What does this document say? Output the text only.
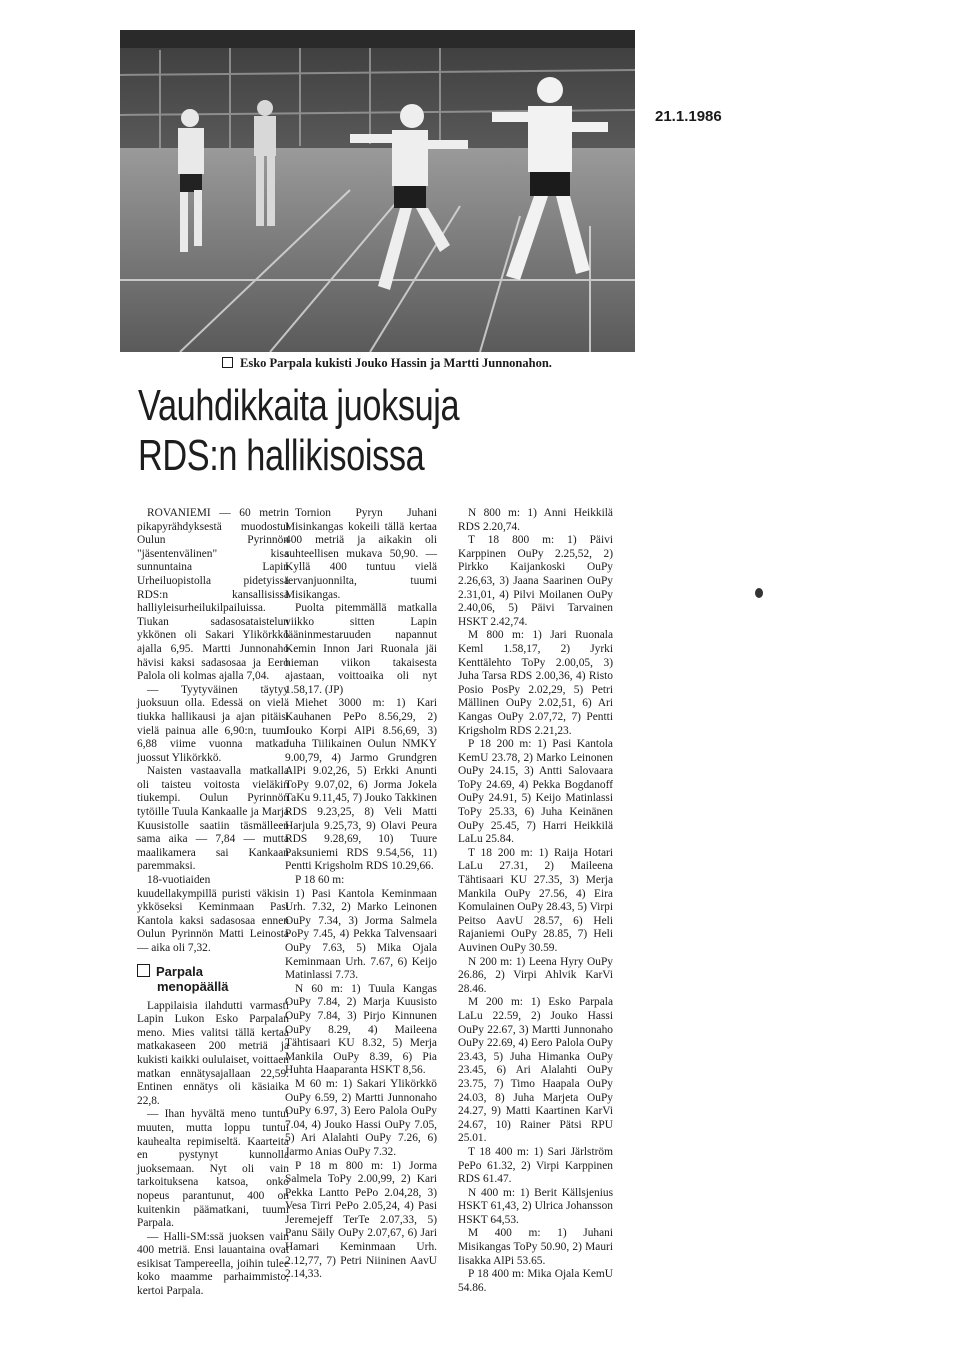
21.1.1986
Esko Parpala kukisti Jouko Hassin ja Martti Junnonahon.
Vauhdikkaita juoksuja
RDS:n hallikisoissa

ROVANIEMI — 60 metrin pikapyrähdyksestä muodostui Oulun Pyrinnön "jäsentenvälinen" kisa sunnuntaina Lapin Urheiluopistolla pidetyissä RDS:n kansallisissa halliyleisurheilukilpailuissa. Tiukan sadasosataistelun ykkönen oli Sakari Ylikörkkö ajalla 6,95. Martti Junnonaho hävisi kaksi sadasosaa ja Eero Palola oli kolmas ajalla 7,04.

— Tyytyväinen täytyy juoksuun olla. Edessä on vielä tiukka hallikausi ja ajan pitäisi vielä painua alle 6,90:n, tuumi 6,88 viime vuonna matkan juossut Ylikörkkö.

Naisten vastaavalla matkalla oli taisteu voitosta vieläkin tiukempi. Oulun Pyrinnön tytöille Tuula Kankaalle ja Marja Kuusistolle saatiin täsmälleen sama aika — 7,84 — mutta maalikamera sai Kankaan paremmaksi.

18-vuotiaiden kuudellakympillä puristi väkisin ykköseksi Keminmaan Pasi Kantola kaksi sadasosaa ennen Oulun Pyrinnön Matti Leinosta — aika oli 7,32.

Parpala
menopäällä

Lappilaisia ilahdutti varmasti Lapin Lukon Esko Parpalan meno. Mies valitsi tällä kertaa matkakaseen 200 metriä ja kukisti kaikki oululaiset, voittaen matkan ennätysajallaan 22,59. Entinen ennätys oli käsiaika 22,8.

— Ihan hyvältä meno tuntui muuten, mutta loppu tuntui kauhealta repimiseltä. Kaarteita en pystynyt kunnolla juoksemaan. Nyt oli vain tarkoituksena katsoa, onko nopeus parantunut, 400 on kuitenkin päämatkani, tuumi Parpala.

— Halli-SM:ssä juoksen vain 400 metriä. Ensi lauantaina ovat esikisat Tampereella, joihin tulee koko maamme parhaimmisto, kertoi Parpala.

Tornion Pyryn Juhani Misinkangas kokeili tällä kertaa 400 metriä ja aikakin oli suhteellisen mukava 50,90. — Kyllä 400 tuntuu vielä tervanjuonnilta, tuumi Misikangas.

Puolta pitemmällä matkalla viikko sitten Lapin lääninmestaruuden napannut Kemin Innon Jari Ruonala jäi hieman viikon takaisesta ajastaan, voittoaika oli nyt 1.58,17. (JP)

Miehet 3000 m: 1) Kari Kauhanen PePo 8.56,29, 2) Jouko Korpi AlPi 8.56,69, 3) Juha Tiilikainen Oulun NMKY 9.00,79, 4) Jarmo Grundgren AlPi 9.02,26, 5) Erkki Anunti ToPy 9.07,02, 6) Jorma Jokela TaKu 9.11,45, 7) Jouko Takkinen RDS 9.23,25, 8) Veli Matti Harjula 9.25,73, 9) Olavi Peura RDS 9.28,69, 10) Tuure Paksuniemi RDS 9.54,56, 11) Pentti Krigsholm RDS 10.29,66.

P 18 60 m:

1) Pasi Kantola Keminmaan Urh. 7.32, 2) Marko Leinonen OuPy 7.34, 3) Jorma Salmela PoPy 7.45, 4) Pekka Talvensaari OuPy 7.63, 5) Mika Ojala Keminmaan Urh. 7.67, 6) Keijo Matinlassi 7.73.

N 60 m: 1) Tuula Kangas OuPy 7.84, 2) Marja Kuusisto OuPy 7.84, 3) Pirjo Kinnunen OuPy 8.29, 4) Maileena Tähtisaari KU 8.32, 5) Merja Mankila OuPy 8.39, 6) Pia Huhta Haaparanta HSKT 8,56.

M 60 m: 1) Sakari Ylikörkkö OuPy 6.59, 2) Martti Junnonaho OuPy 6.97, 3) Eero Palola OuPy 7.04, 4) Jouko Hassi OuPy 7.05, 5) Ari Alalahti OuPy 7.26, 6) Jarmo Anias OuPy 7.32.

P 18 m 800 m: 1) Jorma Salmela ToPy 2.00,99, 2) Kari Pekka Lantto PePo 2.04,28, 3) Vesa Tirri PePo 2.05,24, 4) Pasi Jeremejeff TerTe 2.07,33, 5) Panu Säily OuPy 2.07,67, 6) Jari Hamari Keminmaan Urh. 2.12,77, 7) Petri Niininen AavU 2.14,33.

N 800 m: 1) Anni Heikkilä RDS 2.20,74.

T 18 800 m: 1) Päivi Karppinen OuPy 2.25,52, 2) Pirkko Kaijankoski OuPy 2.26,63, 3) Jaana Saarinen OuPy 2.31,01, 4) Pilvi Moilanen OuPy 2.40,06, 5) Päivi Tarvainen HSKT 2.42,74.

M 800 m: 1) Jari Ruonala Keml 1.58,17, 2) Jyrki Kenttälehto ToPy 2.00,05, 3) Juha Tarsa RDS 2.00,36, 4) Risto Posio PosPy 2.02,29, 5) Petri Mällinen OuPy 2.02,51, 6) Ari Kangas OuPy 2.07,72, 7) Pentti Krigsholm RDS 2.21,23.

P 18 200 m: 1) Pasi Kantola KemU 23.78, 2) Marko Leinonen OuPy 24.15, 3) Antti Salovaara ToPy 24.69, 4) Pekka Bogdanoff OuPy 24.91, 5) Keijo Matinlassi ToPy 25.33, 6) Juha Keinänen OuPy 25.45, 7) Harri Heikkilä LaLu 25.84.

T 18 200 m: 1) Raija Hotari LaLu 27.31, 2) Maileena Tähtisaari KU 27.35, 3) Merja Mankila OuPy 27.56, 4) Eira Komulainen OuPy 28.43, 5) Virpi Peitso AavU 28.57, 6) Heli Rajaniemi OuPy 28.85, 7) Heli Auvinen OuPy 30.59.

N 200 m: 1) Leena Hyry OuPy 26.86, 2) Virpi Ahlvik KarVi 28.46.

M 200 m: 1) Esko Parpala LaLu 22.59, 2) Jouko Hassi OuPy 22.67, 3) Martti Junnonaho OuPy 22.69, 4) Eero Palola OuPy 23.43, 5) Juha Himanka OuPy 23.45, 6) Ari Alalahti OuPy 23.75, 7) Timo Haapala OuPy 24.03, 8) Juha Marjeta OuPy 24.27, 9) Matti Kaartinen KarVi 24.67, 10) Rainer Pätsi RPU 25.01.

T 18 400 m: 1) Sari Järlström PePo 61.32, 2) Virpi Karppinen RDS 61.47.

N 400 m: 1) Berit Källsjenius HSKT 61,43, 2) Ulrica Johansson HSKT 64,53.

M 400 m: 1) Juhani Misikangas ToPy 50.90, 2) Mauri Iisakka AlPi 53.65.

P 18 400 m: Mika Ojala KemU 54.86.
